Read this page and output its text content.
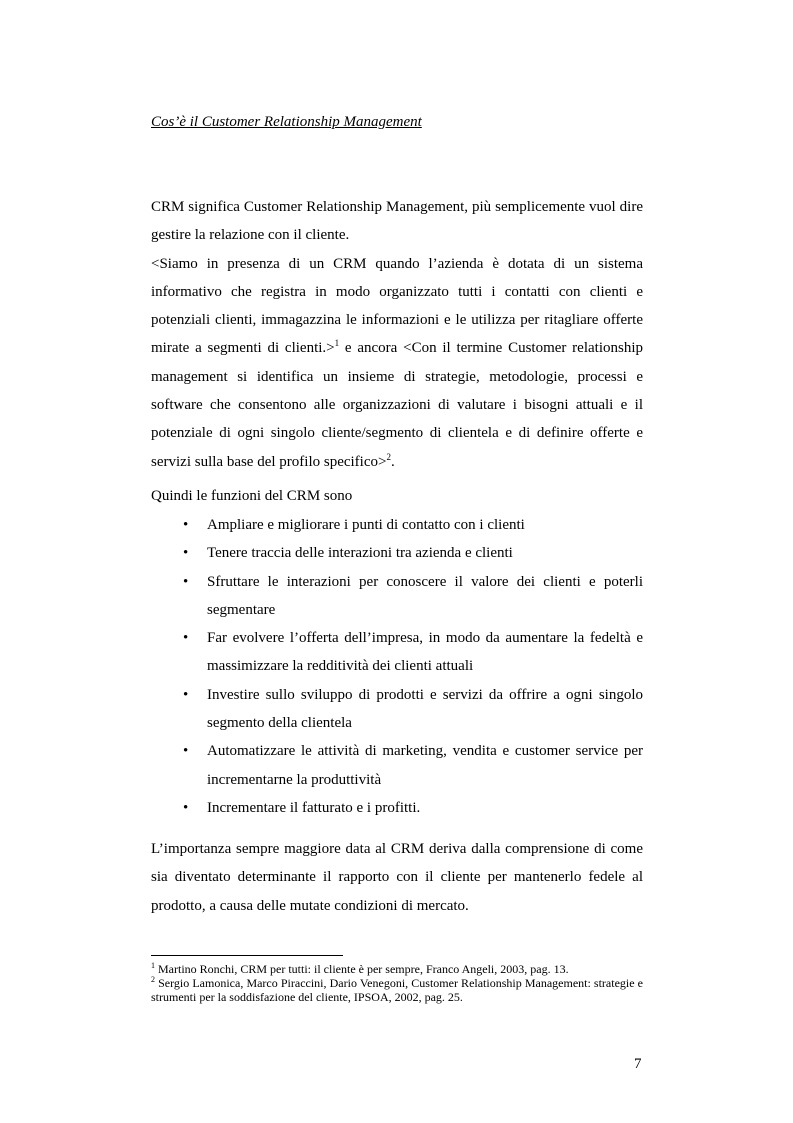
Cos’è il Customer Relationship Management

CRM significa Customer Relationship Management, più semplicemente vuol dire gestire la relazione con il cliente.
<Siamo in presenza di un CRM quando l’azienda è dotata di un sistema informativo che registra in modo organizzato tutti i contatti con clienti e potenziali clienti, immagazzina le informazioni e le utilizza per ritagliare offerte mirate a segmenti di clienti.>$^1$ e ancora <Con il termine Customer relationship management si identifica un insieme di strategie, metodologie, processi e software che consentono alle organizzazioni di valutare i bisogni attuali e il potenziale di ogni singolo cliente/segmento di clientela e di definire offerte e servizi sulla base del profilo specifico>$^2$.

Quindi le funzioni del CRM sono

• Ampliare e migliorare i punti di contatto con i clienti
• Tenere traccia delle interazioni tra azienda e clienti
• Sfruttare le interazioni per conoscere il valore dei clienti e poterli segmentare
• Far evolvere l’offerta dell’impresa, in modo da aumentare la fedeltà e massimizzare la redditività dei clienti attuali
• Investire sullo sviluppo di prodotti e servizi da offrire a ogni singolo segmento della clientela
• Automatizzare le attività di marketing, vendita e customer service per incrementarne la produttività
• Incrementare il fatturato e i profitti.

L’importanza sempre maggiore data al CRM deriva dalla comprensione di come sia diventato determinante il rapporto con il cliente per mantenerlo fedele al prodotto, a causa delle mutate condizioni di mercato.

$^1$ Martino Ronchi, CRM per tutti: il cliente è per sempre, Franco Angeli, 2003, pag. 13.

$^2$ Sergio Lamonica, Marco Piraccini, Dario Venegoni, Customer Relationship Management: strategie e strumenti per la soddisfazione del cliente, IPSOA, 2002, pag. 25.

7
